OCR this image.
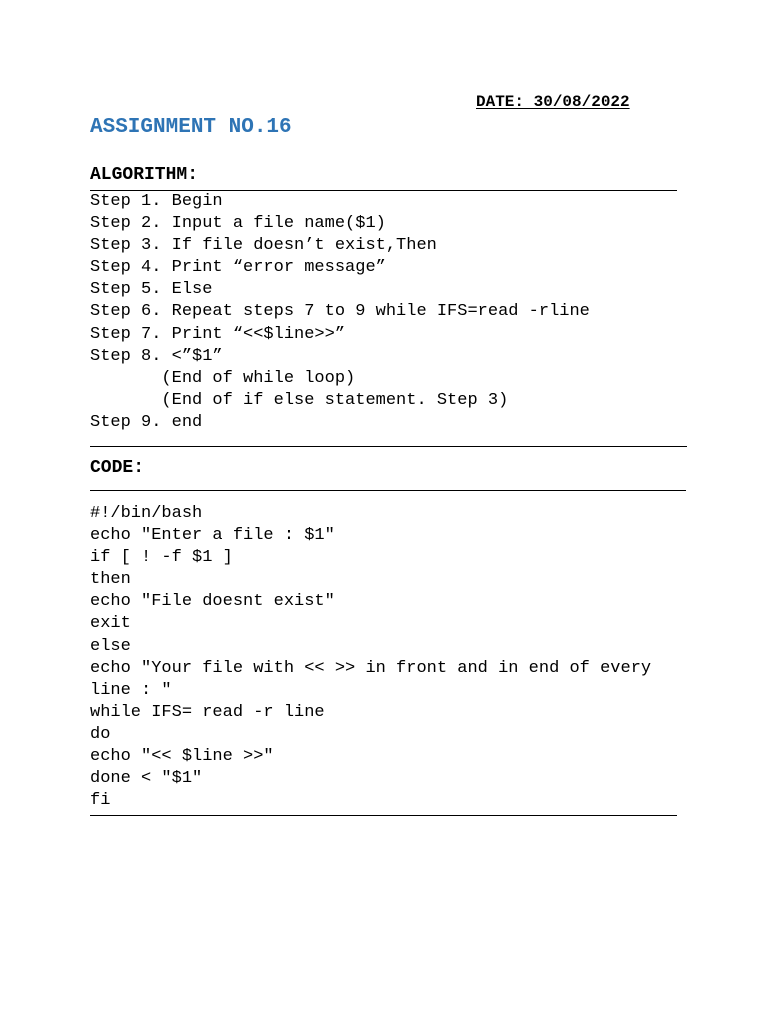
DATE: 30/08/2022
ASSIGNMENT NO.16
ALGORITHM:
Step 1. Begin
Step 2. Input a file name($1)
Step 3. If file doesn’t exist,Then
Step 4. Print “error message”
Step 5. Else
Step 6. Repeat steps 7 to 9 while IFS=read -rline
Step 7. Print “<<$line>>”
Step 8. <”$1”
(End of while loop)
(End of if else statement. Step 3)
Step 9. end
CODE:
#!/bin/bash
echo "Enter a file : $1"
if [ ! -f $1 ]
then
echo "File doesnt exist"
exit
else
echo "Your file with << >> in front and in end of every
line : "
while IFS= read -r line
do
echo "<< $line >>"
done < "$1"
fi
